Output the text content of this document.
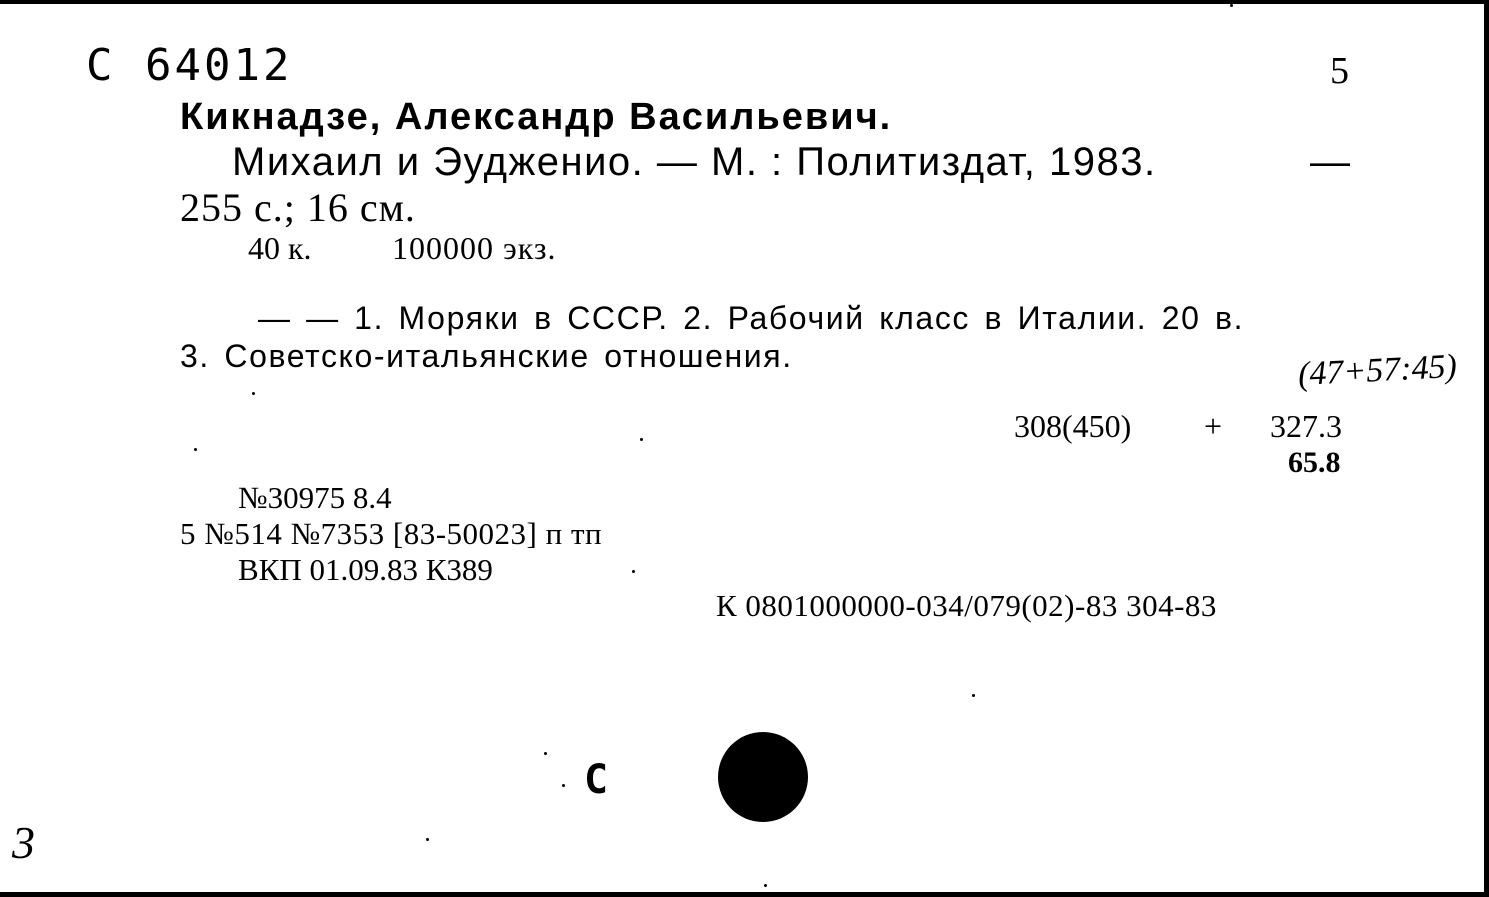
С 64012	5
Кикнадзе, Александр Васильевич.
Михаил и Эудженио. — М. : Политиздат, 1983.	—
255 с.; 16 см.
40 к.	100000 экз.
— — 1. Моряки в СССР. 2. Рабочий класс в Италии. 20 в.
3. Советско-итальянские отношения.	(47+57:45)
308(450) + 327.3
65.8
№30975 8.4
5 №514 №7353 [83-50023] п тп
ВКП 01.09.83 К389
К 0801000000-034/079(02)-83 304-83
С
3
